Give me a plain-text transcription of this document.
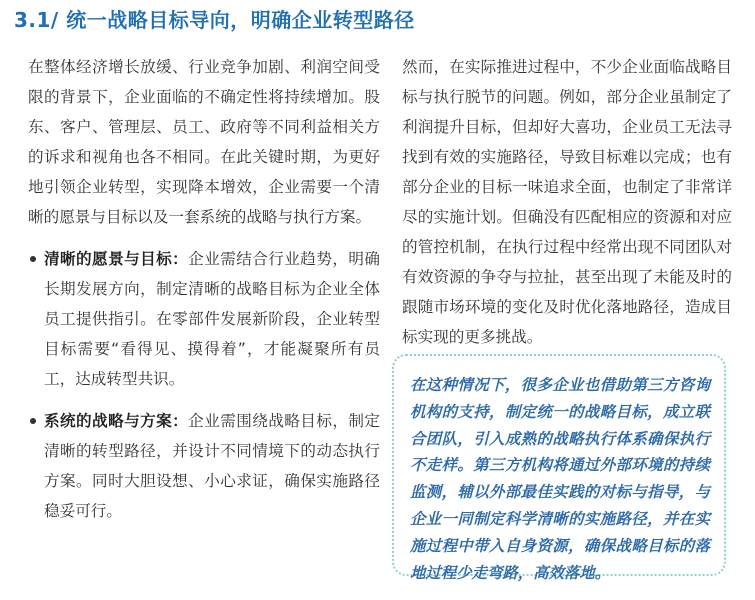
3.1/ 统一战略目标导向，明确企业转型路径

在整体经济增长放缓、行业竞争加剧、利润空间受限的背景下，企业面临的不确定性将持续增加。股东、客户、管理层、员工、政府等不同利益相关方的诉求和视角也各不相同。在此关键时期，为更好地引领企业转型，实现降本增效，企业需要一个清晰的愿景与目标以及一套系统的战略与执行方案。

清晰的愿景与目标：企业需结合行业趋势，明确长期发展方向，制定清晰的战略目标为企业全体员工提供指引。在零部件发展新阶段，企业转型目标需要“看得见、摸得着”，才能凝聚所有员工，达成转型共识。
系统的战略与方案：企业需围绕战略目标，制定清晰的转型路径，并设计不同情境下的动态执行方案。同时大胆设想、小心求证，确保实施路径稳妥可行。

然而，在实际推进过程中，不少企业面临战略目标与执行脱节的问题。例如，部分企业虽制定了利润提升目标，但却好大喜功，企业员工无法寻找到有效的实施路径，导致目标难以完成；也有部分企业的目标一味追求全面，也制定了非常详尽的实施计划。但确没有匹配相应的资源和对应的管控机制，在执行过程中经常出现不同团队对有效资源的争夺与拉扯，甚至出现了未能及时的跟随市场环境的变化及时优化落地路径，造成目标实现的更多挑战。

在这种情况下，很多企业也借助第三方咨询机构的支持，制定统一的战略目标，成立联合团队，引入成熟的战略执行体系确保执行不走样。第三方机构将通过外部环境的持续监测，辅以外部最佳实践的对标与指导，与企业一同制定科学清晰的实施路径，并在实施过程中带入自身资源，确保战略目标的落地过程少走弯路，高效落地。
